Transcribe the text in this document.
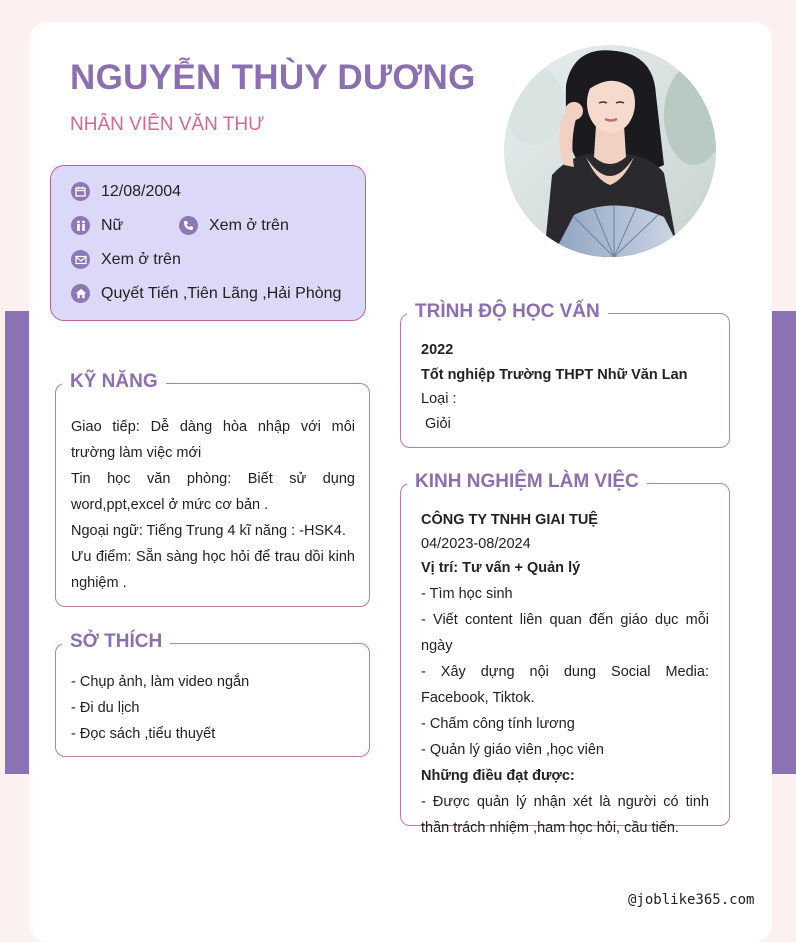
NGUYỄN THÙY DƯƠNG
NHÂN VIÊN VĂN THƯ
12/08/2004
Nữ	Xem ở trên
Xem ở trên
Quyết Tiến ,Tiên Lãng ,Hải Phòng
KỸ NĂNG
Giao tiếp: Dễ dàng hòa nhập với môi trường làm việc mới
Tin học văn phòng: Biết sử dụng word,ppt,excel ở mức cơ bản .
Ngoại ngữ: Tiếng Trung 4 kĩ năng : -HSK4.
Ưu điểm: Sẵn sàng học hỏi để trau dồi kinh nghiệm .
SỞ THÍCH
- Chụp ảnh, làm video ngắn
- Đi du lịch
- Đọc sách ,tiểu thuyết
TRÌNH ĐỘ HỌC VẤN
2022
Tốt nghiệp Trường THPT Nhữ Văn Lan
Loại :
Giỏi
KINH NGHIỆM LÀM VIỆC
CÔNG TY TNHH GIAI TUỆ
04/2023-08/2024
Vị trí: Tư vấn + Quản lý
- Tìm học sinh
- Viết content liên quan đến giáo dục mỗi ngày
- Xây dựng nội dung Social Media: Facebook, Tiktok.
- Chấm công tính lương
- Quản lý giáo viên ,học viên
Những điều đạt được:
- Được quản lý nhận xét là người có tinh thần trách nhiệm ,ham học hỏi, cầu tiến.
@joblike365.com
